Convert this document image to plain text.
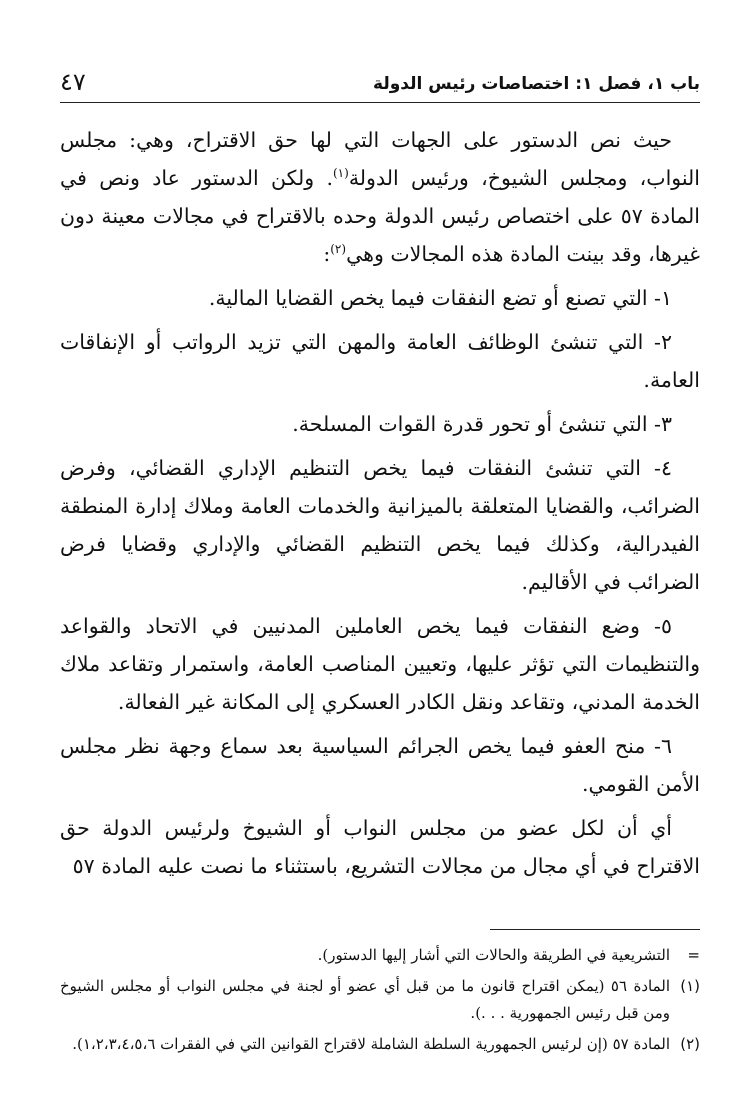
باب ١، فصل ١: اختصاصات رئيس الدولة
٤٧

حيث نص الدستور على الجهات التي لها حق الاقتراح، وهي: مجلس النواب، ومجلس الشيوخ، ورئيس الدولة$^{(١)}$. ولكن الدستور عاد ونص في المادة ٥٧ على اختصاص رئيس الدولة وحده بالاقتراح في مجالات معينة دون غيرها، وقد بينت المادة هذه المجالات وهي$^{(٢)}$:

١- التي تصنع أو تضع النفقات فيما يخص القضايا المالية.

٢- التي تنشئ الوظائف العامة والمهن التي تزيد الرواتب أو الإنفاقات العامة.

٣- التي تنشئ أو تحور قدرة القوات المسلحة.

٤- التي تنشئ النفقات فيما يخص التنظيم الإداري القضائي، وفرض الضرائب، والقضايا المتعلقة بالميزانية والخدمات العامة وملاك إدارة المنطقة الفيدرالية، وكذلك فيما يخص التنظيم القضائي والإداري وقضايا فرض الضرائب في الأقاليم.

٥- وضع النفقات فيما يخص العاملين المدنيين في الاتحاد والقواعد والتنظيمات التي تؤثر عليها، وتعيين المناصب العامة، واستمرار وتقاعد ملاك الخدمة المدني، وتقاعد ونقل الكادر العسكري إلى المكانة غير الفعالة.

٦- منح العفو فيما يخص الجرائم السياسية بعد سماع وجهة نظر مجلس الأمن القومي.

أي أن لكل عضو من مجلس النواب أو الشيوخ ولرئيس الدولة حق الاقتراح في أي مجال من مجالات التشريع، باستثناء ما نصت عليه المادة ٥٧

=
التشريعية في الطريقة والحالات التي أشار إليها الدستور).
(١)
المادة ٥٦ (يمكن اقتراح قانون ما من قبل أي عضو أو لجنة في مجلس النواب أو مجلس الشيوخ ومن قبل رئيس الجمهورية . . .).
(٢)
المادة ٥٧ (إن لرئيس الجمهورية السلطة الشاملة لاقتراح القوانين التي في الفقرات ١،٢،٣،٤،٥،٦).
